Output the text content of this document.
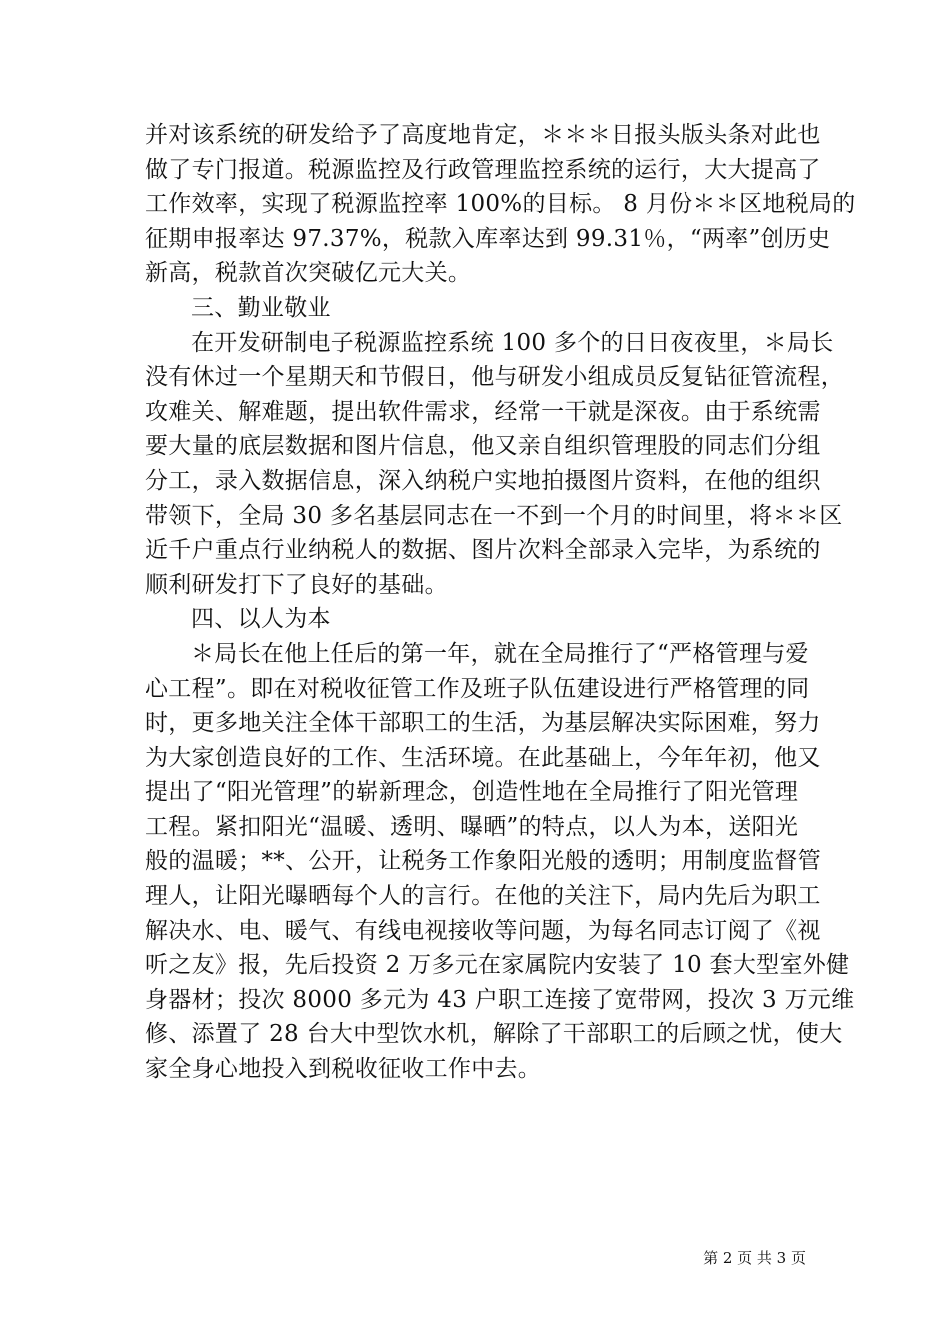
并对该系统的研发给予了高度地肯定，＊＊＊日报头版头条对此也
做了专门报道。税源监控及行政管理监控系统的运行，大大提高了
工作效率，实现了税源监控率 100%的目标。 8 月份＊＊区地税局的
征期申报率达 97.37%，税款入库率达到 99.31％，“两率”创历史
新高，税款首次突破亿元大关。
三、勤业敬业
在开发研制电子税源监控系统 100 多个的日日夜夜里，＊局长
没有休过一个星期天和节假日，他与研发小组成员反复钻征管流程，
攻难关、解难题，提出软件需求，经常一干就是深夜。由于系统需
要大量的底层数据和图片信息，他又亲自组织管理股的同志们分组
分工，录入数据信息，深入纳税户实地拍摄图片资料，在他的组织
带领下，全局 30 多名基层同志在一不到一个月的时间里，将＊＊区
近千户重点行业纳税人的数据、图片次料全部录入完毕，为系统的
顺利研发打下了良好的基础。
四、以人为本
＊局长在他上任后的第一年，就在全局推行了“严格管理与爱
心工程”。即在对税收征管工作及班子队伍建设进行严格管理的同
时，更多地关注全体干部职工的生活，为基层解决实际困难，努力
为大家创造良好的工作、生活环境。在此基础上，今年年初，他又
提出了“阳光管理”的崭新理念，创造性地在全局推行了阳光管理
工程。紧扣阳光“温暖、透明、曝晒”的特点，以人为本，送阳光
般的温暖；**、公开，让税务工作象阳光般的透明；用制度监督管
理人，让阳光曝晒每个人的言行。在他的关注下，局内先后为职工
解决水、电、暖气、有线电视接收等问题，为每名同志订阅了《视
听之友》报，先后投资 2 万多元在家属院内安装了 10 套大型室外健
身器材；投次 8000 多元为 43 户职工连接了宽带网，投次 3 万元维
修、添置了 28 台大中型饮水机，解除了干部职工的后顾之忧，使大
家全身心地投入到税收征收工作中去。
第 2 页 共 3 页
